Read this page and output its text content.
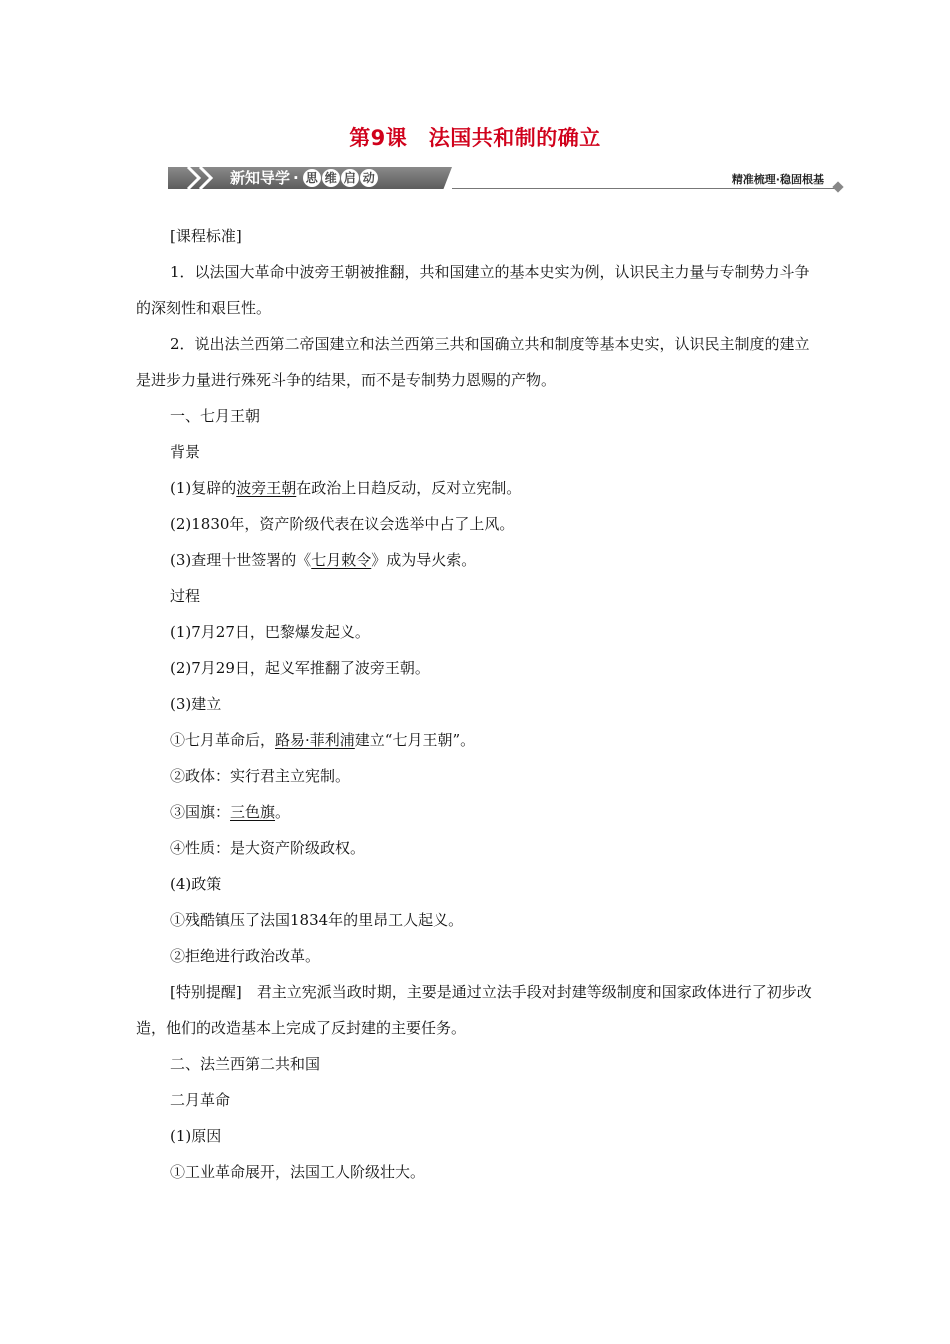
第9课　法国共和制的确立
新知导学 · 思 维 启 动	精准梳理·稳固根基

[课程标准]

1．以法国大革命中波旁王朝被推翻，共和国建立的基本史实为例，认识民主力量与专制势力斗争的深刻性和艰巨性。

2．说出法兰西第二帝国建立和法兰西第三共和国确立共和制度等基本史实，认识民主制度的建立是进步力量进行殊死斗争的结果，而不是专制势力恩赐的产物。

一、七月王朝

背景

(1)复辟的波旁王朝在政治上日趋反动，反对立宪制。

(2)1830年，资产阶级代表在议会选举中占了上风。

(3)查理十世签署的《七月敕令》成为导火索。

过程

(1)7月27日，巴黎爆发起义。

(2)7月29日，起义军推翻了波旁王朝。

(3)建立

①七月革命后，路易·菲利浦建立“七月王朝”。

②政体：实行君主立宪制。

③国旗：三色旗。

④性质：是大资产阶级政权。

(4)政策

①残酷镇压了法国1834年的里昂工人起义。

②拒绝进行政治改革。

[特别提醒]　君主立宪派当政时期，主要是通过立法手段对封建等级制度和国家政体进行了初步改造，他们的改造基本上完成了反封建的主要任务。

二、法兰西第二共和国

二月革命

(1)原因

①工业革命展开，法国工人阶级壮大。
